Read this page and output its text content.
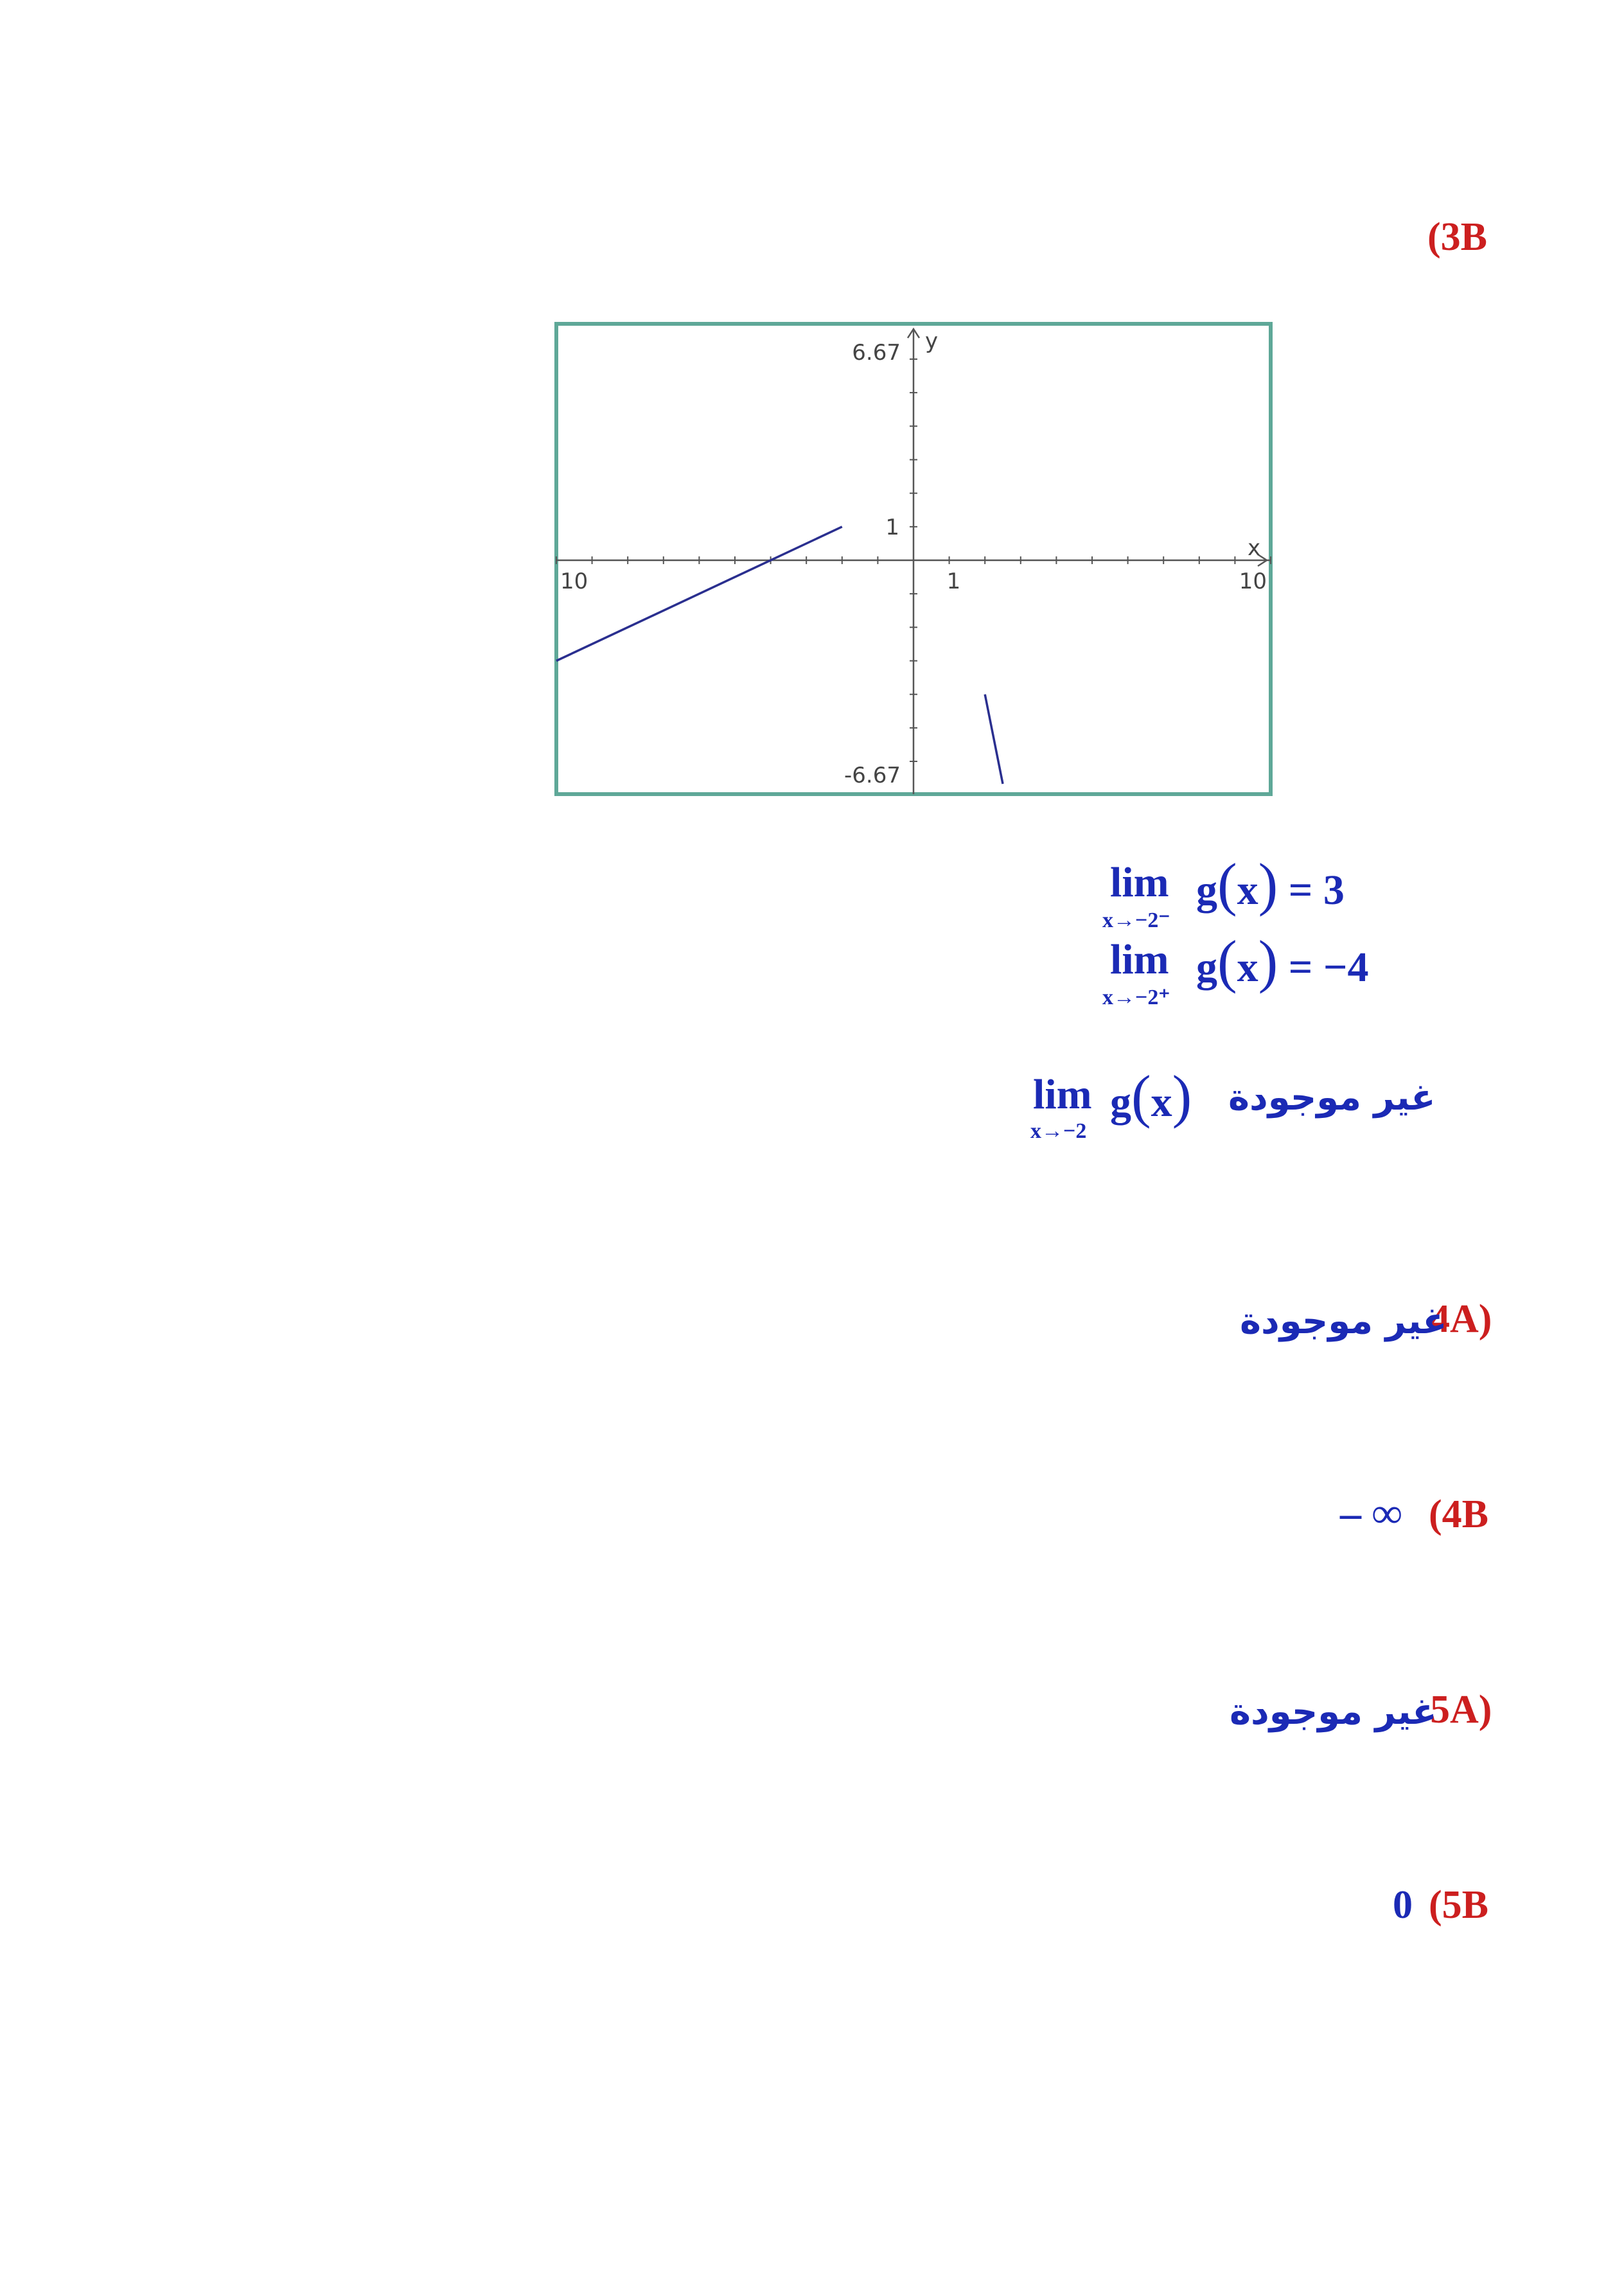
(3B
10	1	10
6.67
1
-6.67
y
x
lim
x→−2⁻
g(x) = 3
lim
x→−2⁺
g(x) = −4
lim
x→−2
g(x) غير موجودة
4A)
غير موجودة
(4B
– ∞
5A)
غير موجودة
(5B
0
